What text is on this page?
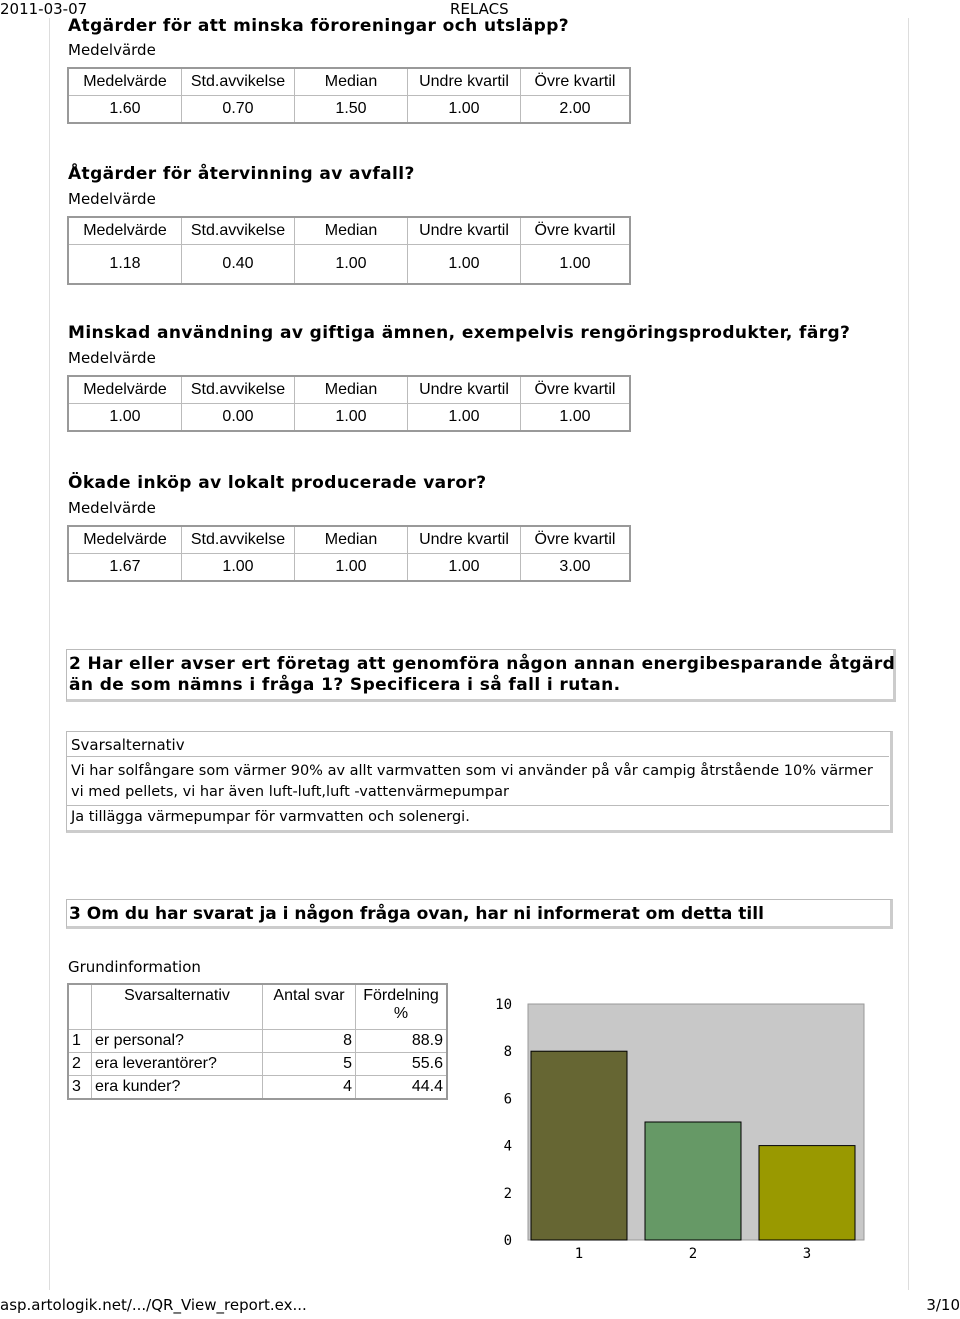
2011-03-07	RELACS
Atgärder för att minska föroreningar och utsläpp?
Medelvärde
Medelvärde	Std.avvikelse	Median	Undre kvartil	Övre kvartil
1.60	0.70	1.50	1.00	2.00
Åtgärder för återvinning av avfall?
Medelvärde
Medelvärde	Std.avvikelse	Median	Undre kvartil	Övre kvartil
1.18	0.40	1.00	1.00	1.00
Minskad användning av giftiga ämnen, exempelvis rengöringsprodukter, färg?
Medelvärde
Medelvärde	Std.avvikelse	Median	Undre kvartil	Övre kvartil
1.00	0.00	1.00	1.00	1.00
Ökade inköp av lokalt producerade varor?
Medelvärde
Medelvärde	Std.avvikelse	Median	Undre kvartil	Övre kvartil
1.67	1.00	1.00	1.00	3.00
2 Har eller avser ert företag att genomföra någon annan energibesparande åtgärd
än de som nämns i fråga 1? Specificera i så fall i rutan.
Svarsalternativ
Vi har solfångare som värmer 90% av allt varmvatten som vi använder på vår campig åtrstående 10% värmer vi med pellets, vi har även luft-luft,luft -vattenvärmepumpar
Ja tillägga värmepumpar för varmvatten och solenergi.
3 Om du har svarat ja i någon fråga ovan, har ni informerat om detta till
Grundinformation
	Svarsalternativ	Antal svar	Fördelning %
1	er personal?	8	88.9
2	era leverantörer?	5	55.6
3	era kunder?	4	44.4
0
2
4
6
8
10
1	2	3
asp.artologik.net/.../QR_View_report.ex...	3/10
